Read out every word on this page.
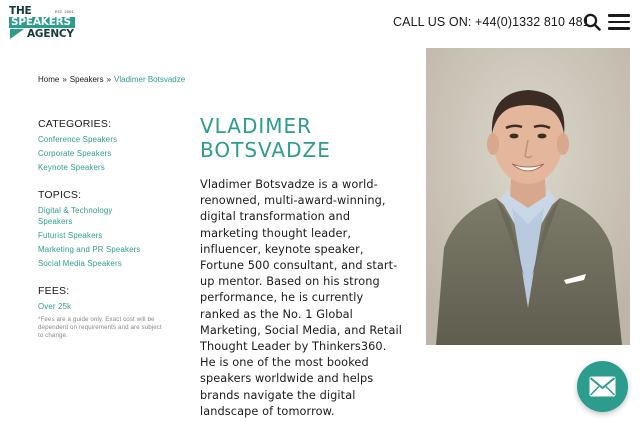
THE	EST. 2001
SPEAKERS
AGENCY
CALL US ON: +44(0)1332 810 481
Home » Speakers » Vladimer Botsvadze
CATEGORIES:
Conference Speakers
Corporate Speakers
Keynote Speakers
TOPICS:
Digital & Technology Speakers
Futurist Speakers
Marketing and PR Speakers
Social Media Speakers
FEES:
Over 25k
*Fees are a guide only. Exact cost will be dependent on requirements and are subject to change.
VLADIMER
BOTSVADZE

Vladimer Botsvadze is a world-renowned, multi-award-winning, digital transformation and marketing thought leader, influencer, keynote speaker, Fortune 500 consultant, and start-up mentor. Based on his strong performance, he is currently ranked as the No. 1 Global Marketing, Social Media, and Retail Thought Leader by Thinkers360. He is one of the most booked speakers worldwide and helps brands navigate the digital landscape of tomorrow.
